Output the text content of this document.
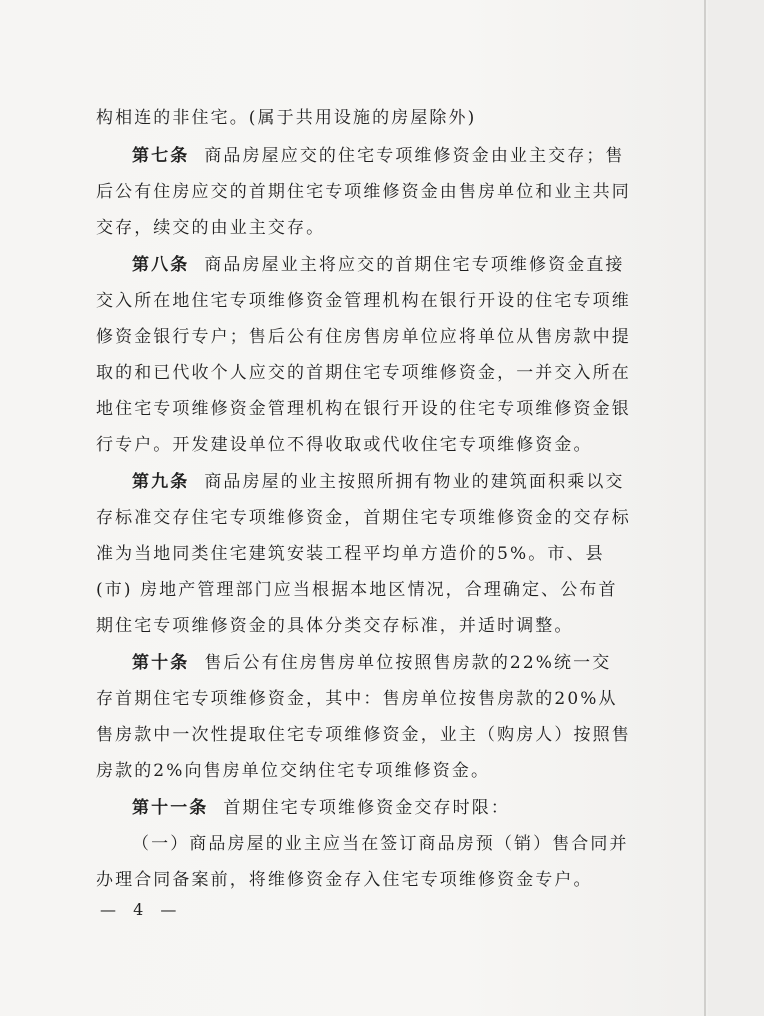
构相连的非住宅。(属于共用设施的房屋除外)
第七条 商品房屋应交的住宅专项维修资金由业主交存；售
后公有住房应交的首期住宅专项维修资金由售房单位和业主共同
交存，续交的由业主交存。
第八条 商品房屋业主将应交的首期住宅专项维修资金直接
交入所在地住宅专项维修资金管理机构在银行开设的住宅专项维
修资金银行专户；售后公有住房售房单位应将单位从售房款中提
取的和已代收个人应交的首期住宅专项维修资金，一并交入所在
地住宅专项维修资金管理机构在银行开设的住宅专项维修资金银
行专户。开发建设单位不得收取或代收住宅专项维修资金。
第九条 商品房屋的业主按照所拥有物业的建筑面积乘以交
存标准交存住宅专项维修资金，首期住宅专项维修资金的交存标
准为当地同类住宅建筑安装工程平均单方造价的5%。市、县
(市) 房地产管理部门应当根据本地区情况，合理确定、公布首
期住宅专项维修资金的具体分类交存标准，并适时调整。
第十条 售后公有住房售房单位按照售房款的22%统一交
存首期住宅专项维修资金，其中：售房单位按售房款的20%从
售房款中一次性提取住宅专项维修资金，业主（购房人）按照售
房款的2%向售房单位交纳住宅专项维修资金。
第十一条 首期住宅专项维修资金交存时限：
（一）商品房屋的业主应当在签订商品房预（销）售合同并
办理合同备案前，将维修资金存入住宅专项维修资金专户。
— 4 —
